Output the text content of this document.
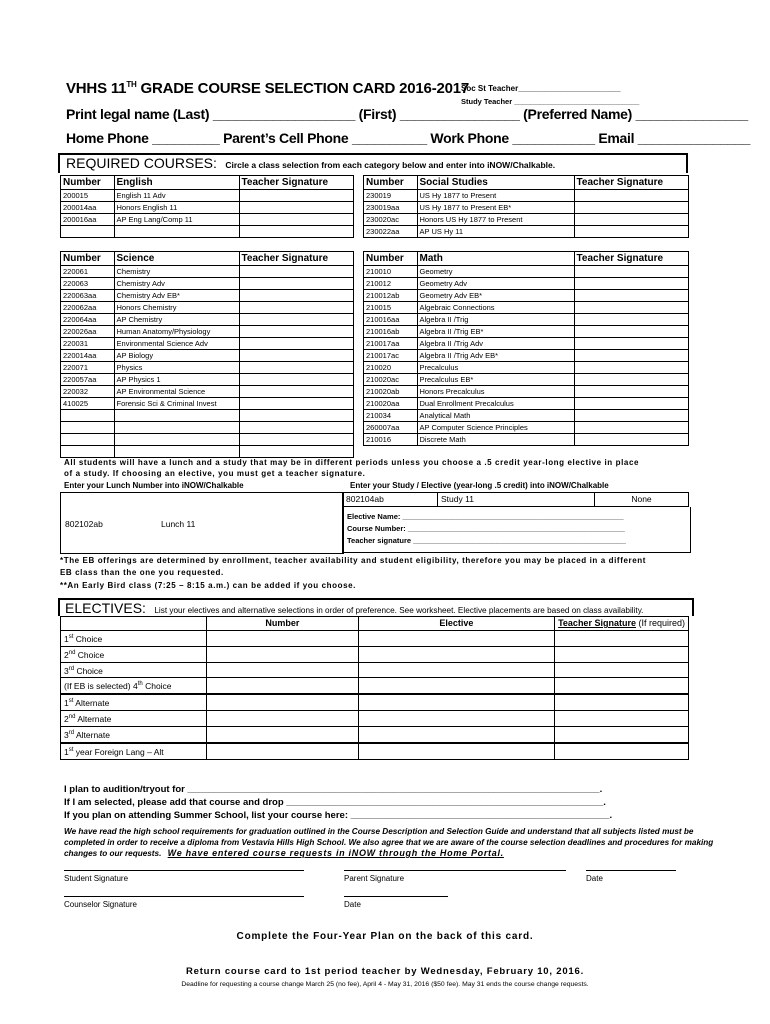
VHHS 11TH GRADE COURSE SELECTION CARD 2016-2017
Soc St Teacher_______________________
Study Teacher ______________________________
Print legal name (Last) ___________________ (First) ________________ (Preferred Name) _______________
Home Phone _________ Parent’s Cell Phone __________ Work Phone ___________ Email _______________
REQUIRED COURSES: Circle a class selection from each category below and enter into iNOW/Chalkable.
Number	English	Teacher Signature
200015	English 11 Adv	
200014aa	Honors English 11	
200016aa	AP Eng Lang/Comp 11	

Number	Social Studies	Teacher Signature
230019	US Hy 1877 to Present	
230019aa	US Hy 1877 to Present EB*	
230020ac	Honors US Hy 1877 to Present	
230022aa	AP US Hy 11	
Number	Science	Teacher Signature
220061	Chemistry	
220063	Chemistry Adv	
220063aa	Chemistry Adv EB*	
220062aa	Honors Chemistry	
220064aa	AP Chemistry	
220026aa	Human Anatomy/Physiology	
220031	Environmental Science Adv	
220014aa	AP Biology	
220071	Physics	
220057aa	AP Physics 1	
220032	AP Environmental Science	
410025	Forensic Sci & Criminal Invest	

Number	Math	Teacher Signature
210010	Geometry	
210012	Geometry Adv	
210012ab	Geometry Adv EB*	
210015	Algebraic Connections	
210016aa	Algebra II /Trig	
210016ab	Algebra II /Trig EB*	
210017aa	Algebra II /Trig Adv	
210017ac	Algebra II /Trig Adv EB*	
210020	Precalculus	
210020ac	Precalculus EB*	
210020ab	Honors Precalculus	
210020aa	Dual Enrollment Precalculus	
210034	Analytical Math	
260007aa	AP Computer Science Principles	
210016	Discrete Math	
All students will have a lunch and a study that may be in different periods unless you choose a .5 credit year-long elective in place
of a study. If choosing an elective, you must get a teacher signature.
Enter your Lunch Number into iNOW/Chalkable	Enter your Study / Elective (year-long .5 credit) into iNOW/Chalkable
802102ab	Lunch 11
802104ab	Study 11	None
Elective Name: _____________________________________________________
Course Number: ____________________________________________________
Teacher signature ___________________________________________________
*The EB offerings are determined by enrollment, teacher availability and student eligibility, therefore you may be placed in a different
EB class than the one you requested.
**An Early Bird class (7:25 – 8:15 a.m.) can be added if you choose.
ELECTIVES: List your electives and alternative selections in order of preference. See worksheet. Elective placements are based on class availability.
	Number	Elective	Teacher Signature (If required)
1st Choice			
2nd Choice			
3rd Choice			
(If EB is selected) 4th Choice			
1st Alternate			
2nd Alternate			
3rd Alternate			
1st year Foreign Lang – Alt			
I plan to audition/tryout for ______________________________________________________________________________.
If I am selected, please add that course and drop ____________________________________________________________.
If you plan on attending Summer School, list your course here: _________________________________________________.
We have read the high school requirements for graduation outlined in the Course Description and Selection Guide and understand that all subjects listed must be completed in order to receive a diploma from Vestavia Hills High School. We also agree that we are aware of the course selection deadlines and procedures for making changes to our requests. We have entered course requests in iNOW through the Home Portal.
Student Signature	Parent Signature	Date
Counselor Signature	Date
Complete the Four-Year Plan on the back of this card.
Return course card to 1st period teacher by Wednesday, February 10, 2016.
Deadline for requesting a course change March 25 (no fee), April 4 - May 31, 2016 ($50 fee). May 31 ends the course change requests.
